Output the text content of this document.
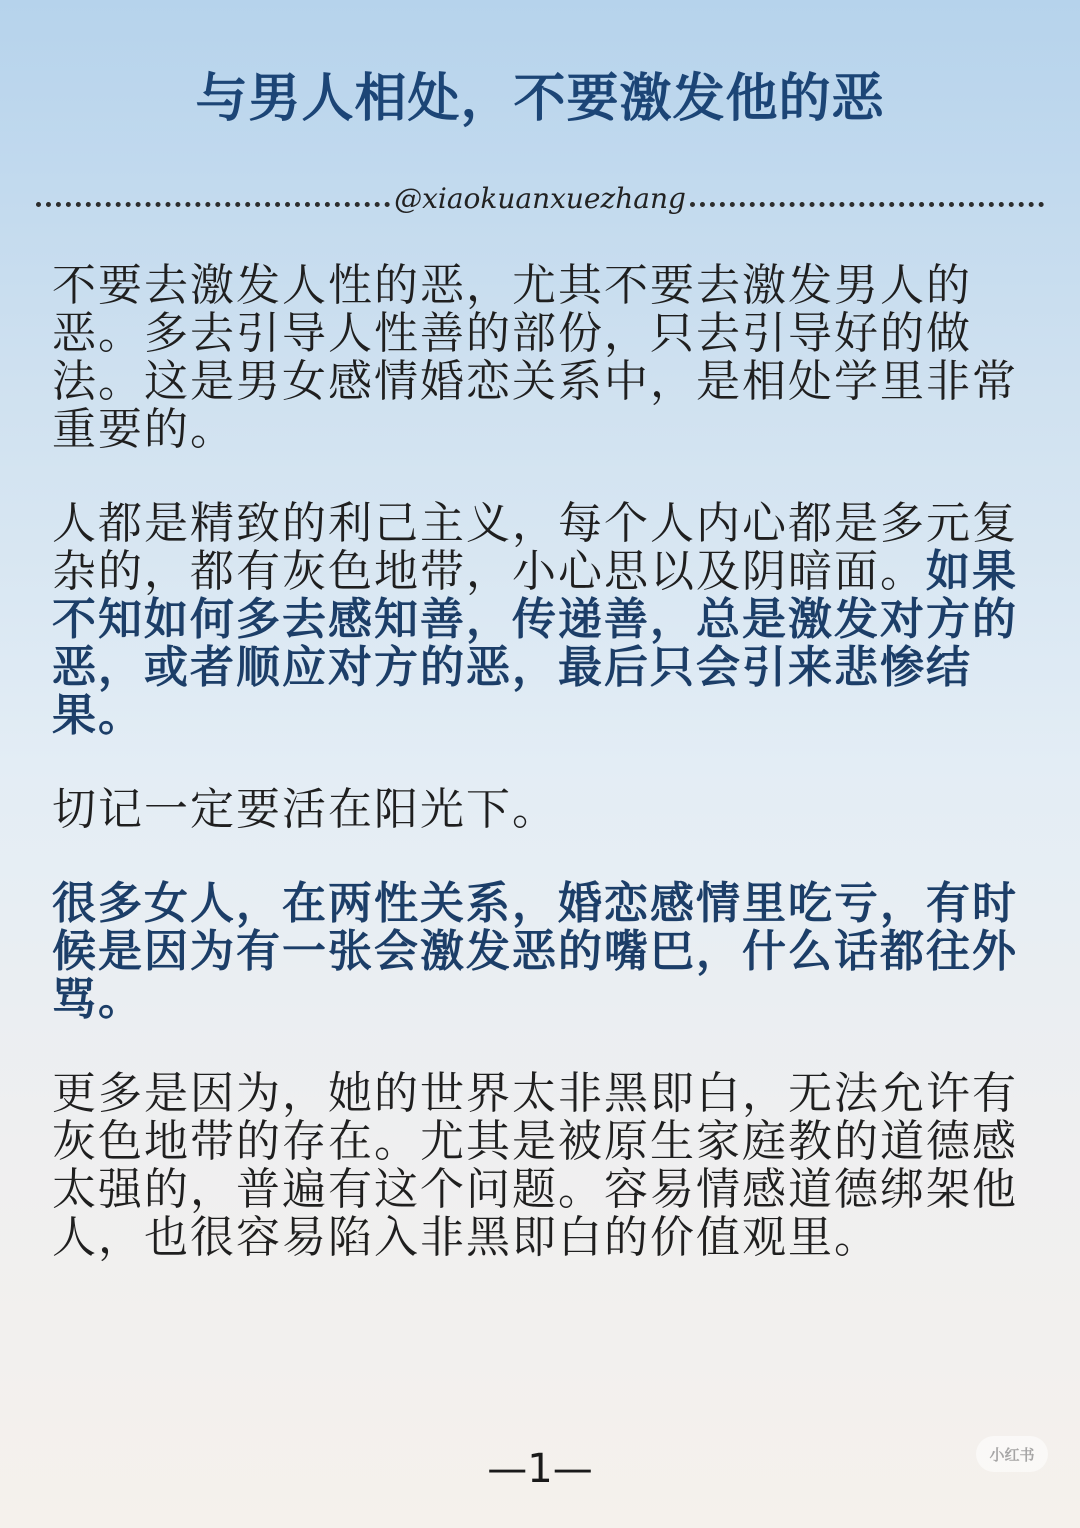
与男人相处，不要激发他的恶
@xiaokuanxuezhang

不要去激发人性的恶，尤其不要去激发男人的恶。多去引导人性善的部份，只去引导好的做法。这是男女感情婚恋关系中，是相处学里非常重要的。

人都是精致的利己主义，每个人内心都是多元复杂的，都有灰色地带，小心思以及阴暗面。如果不知如何多去感知善，传递善，总是激发对方的恶，或者顺应对方的恶，最后只会引来悲惨结果。

切记一定要活在阳光下。

很多女人，在两性关系，婚恋感情里吃亏，有时候是因为有一张会激发恶的嘴巴，什么话都往外骂。

更多是因为，她的世界太非黑即白，无法允许有灰色地带的存在。尤其是被原生家庭教的道德感太强的，普遍有这个问题。容易情感道德绑架他人，也很容易陷入非黑即白的价值观里。

—1—	小红书
